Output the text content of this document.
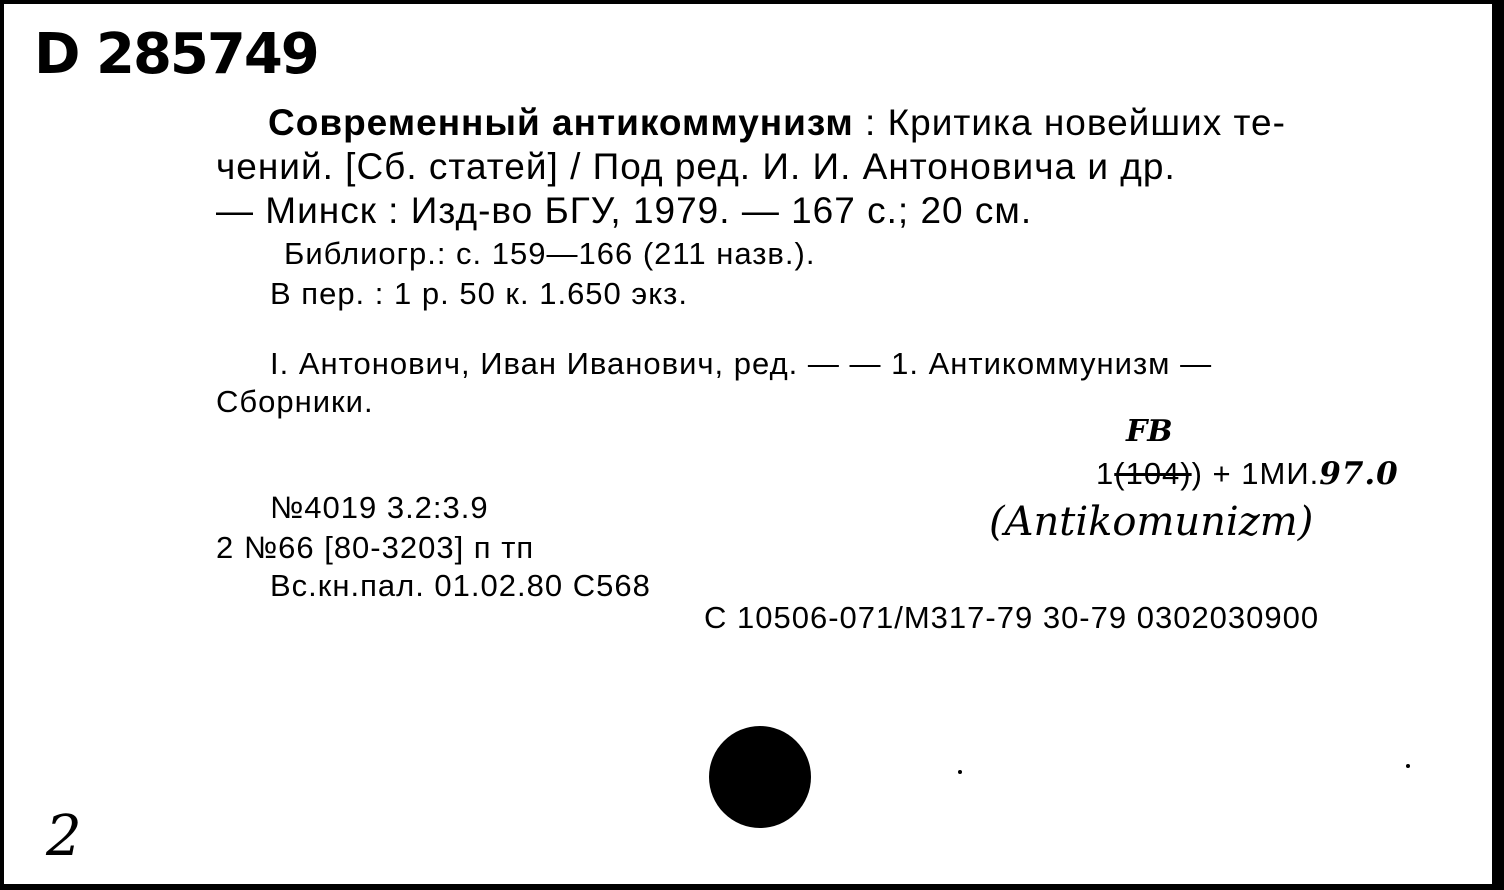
D 285749
Современный антикоммунизм : Критика новейших те-
чений. [Сб. статей] / Под ред. И. И. Антоновича и др.
— Минск : Изд-во БГУ, 1979. — 167 с.; 20 см.
Библиогр.: с. 159—166 (211 назв.).
В пер. : 1 р. 50 к. 1.650 экз.
I. Антонович, Иван Иванович, ред. — — 1. Антикоммунизм —
Сборники.
FB
1(104)) + 1МИ.97.0
(Antikomunizm)
№4019 3.2:3.9
2 №66 [80-3203] п тп
Вс.кн.пал. 01.02.80 С568
С 10506-071/М317-79 30-79 0302030900
2
